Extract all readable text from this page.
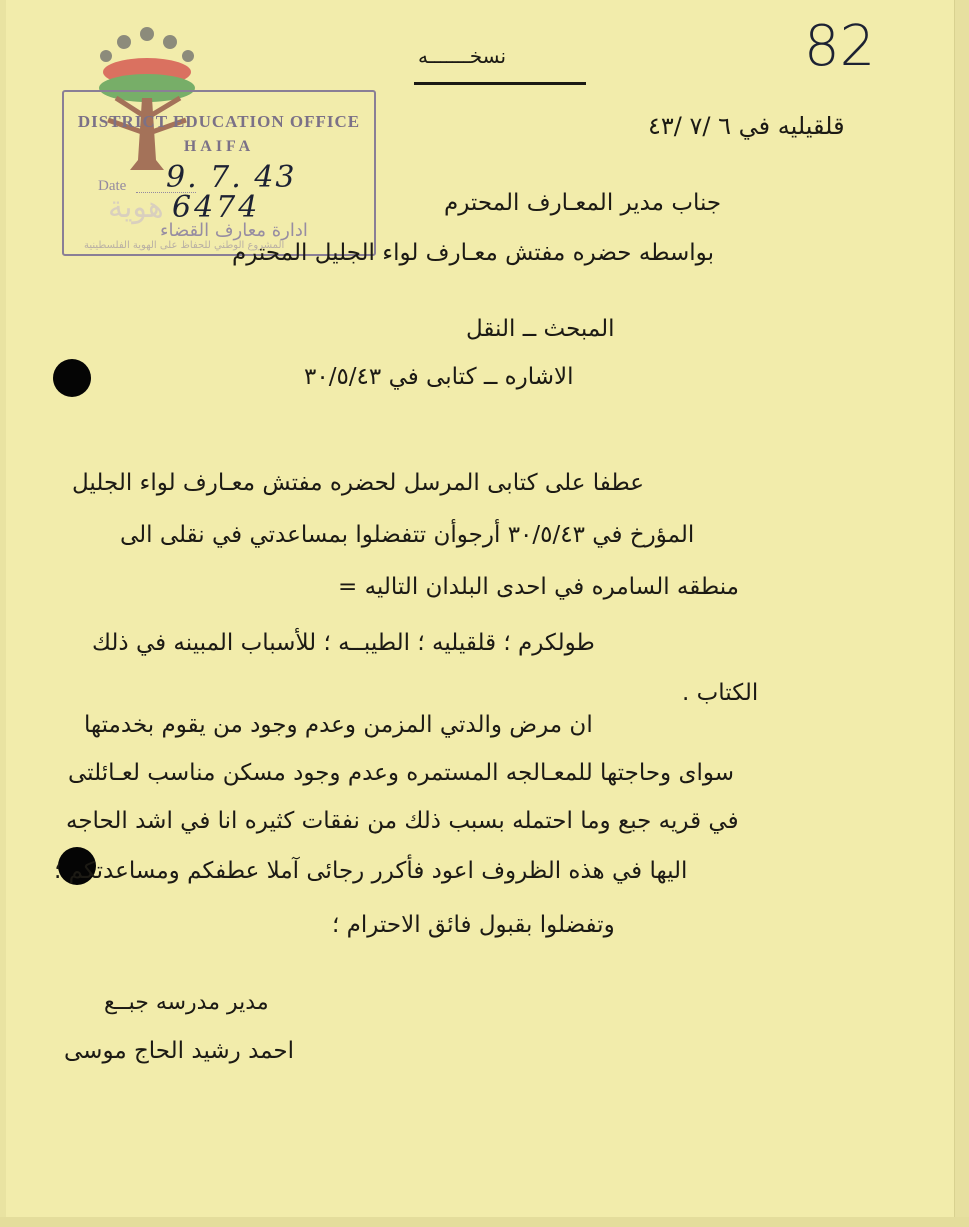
هوية
المشروع الوطني للحفاظ على الهوية الفلسطينية
DISTRICT EDUCATION OFFICE
HAIFA
Date
ادارة معارف القضاء
9. 7. 43
6474
نسخـــــــه	82
قلقيليه في ٦ /٧ /٤٣
جناب مدير المعـارف المحترم
بواسطه حضره مفتش معـارف لواء الجليل المحترم
المبحث ــ النقل
الاشاره ــ كتابى في ٣٠/٥/٤٣
عطفا على كتابى المرسل لحضره مفتش معـارف لواء الجليل
المؤرخ في ٣٠/٥/٤٣ أرجوأن تتفضلوا بمساعدتي في نقلى الى
منطقه السامره في احدى البلدان التاليه =
طولكرم ؛ قلقيليه ؛ الطيبــه ؛ للأسباب المبينه في ذلك
الكتاب .
ان مرض والدتي المزمن وعدم وجود من يقوم بخدمتها
سواى وحاجتها للمعـالجه المستمره وعدم وجود مسكن مناسب لعـائلتى
في قريه جبع وما احتمله بسبب ذلك من نفقات كثيره انا في اشد الحاجه
اليها في هذه الظروف اعود فأكرر رجائى آملا عطفكم ومساعدتكم ؛
وتفضلوا بقبول فائق الاحترام ؛
مدير مدرسه جبــع
احمد رشيد الحاج موسى
